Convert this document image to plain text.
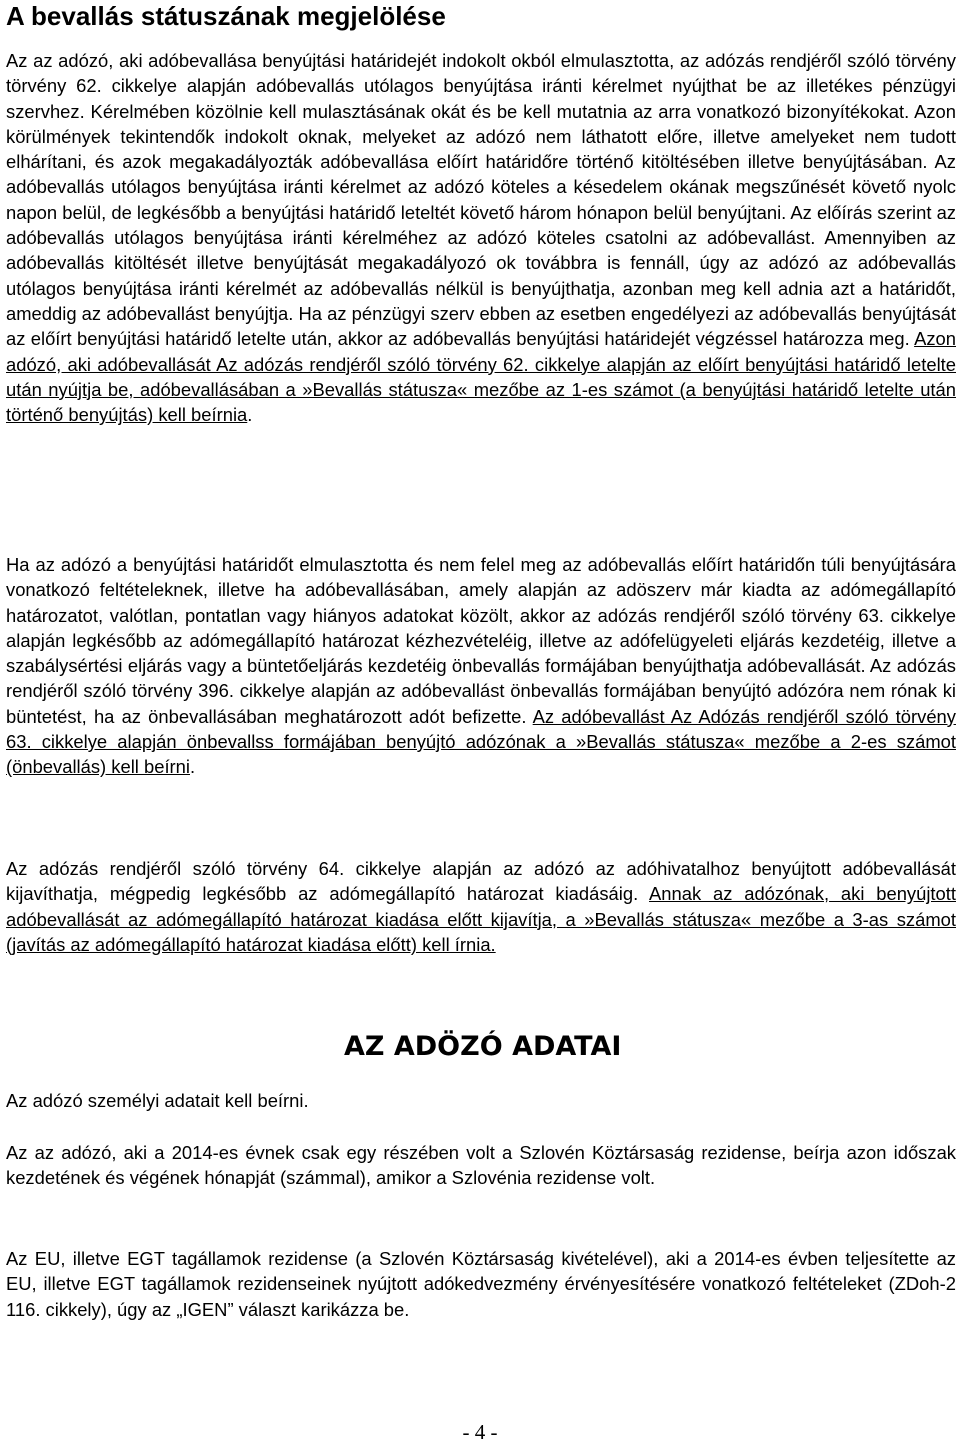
A bevallás státuszának megjelölése

Az az adózó, aki adóbevallása benyújtási határidejét indokolt okból elmulasztotta, az adózás rendjéről szóló törvény törvény 62. cikkelye alapján adóbevallás utólagos benyújtása iránti kérelmet nyújthat be az illetékes pénzügyi szervhez. Kérelmében közölnie kell mulasztásának okát és be kell mutatnia az arra vonatkozó bizonyítékokat. Azon körülmények tekintendők indokolt oknak, melyeket az adózó nem láthatott előre, illetve amelyeket nem tudott elhárítani, és azok megakadályozták adóbevallása előírt határidőre történő kitöltésében illetve benyújtásában. Az adóbevallás utólagos benyújtása iránti kérelmet az adózó köteles a késedelem okának megszűnését követő nyolc napon belül, de legkésőbb a benyújtási határidő leteltét követő három hónapon belül benyújtani. Az előírás szerint az adóbevallás utólagos benyújtása iránti kérelméhez az adózó köteles csatolni az adóbevallást. Amennyiben az adóbevallás kitöltését illetve benyújtását megakadályozó ok továbbra is fennáll, úgy az adózó az adóbevallás utólagos benyújtása iránti kérelmét az adóbevallás nélkül is benyújthatja, azonban meg kell adnia azt a határidőt, ameddig az adóbevallást benyújtja. Ha az pénzügyi szerv ebben az esetben engedélyezi az adóbevallás benyújtását az előírt benyújtási határidő letelte után, akkor az adóbevallás benyújtási határidejét végzéssel határozza meg. Azon adózó, aki adóbevallását Az adózás rendjéről szóló törvény 62. cikkelye alapján az előírt benyújtási határidő letelte után nyújtja be, adóbevallásában a »Bevallás státusza« mezőbe az 1-es számot (a benyújtási határidő letelte után történő benyújtás) kell beírnia.

Ha az adózó a benyújtási határidőt elmulasztotta és nem felel meg az adóbevallás előírt határidőn túli benyújtására vonatkozó feltételeknek, illetve ha adóbevallásában, amely alapján az adöszerv már kiadta az adómegállapító határozatot, valótlan, pontatlan vagy hiányos adatokat közölt, akkor az adózás rendjéről szóló törvény 63. cikkelye alapján legkésőbb az adómegállapító határozat kézhezvételéig, illetve az adófelügyeleti eljárás kezdetéig, illetve a szabálysértési eljárás vagy a büntetőeljárás kezdetéig önbevallás formájában benyújthatja adóbevallását. Az adózás rendjéről szóló törvény 396. cikkelye alapján az adóbevallást önbevallás formájában benyújtó adózóra nem rónak ki büntetést, ha az önbevallásában meghatározott adót befizette. Az adóbevallást Az Adózás rendjéről szóló törvény 63. cikkelye alapján önbevallss formájában benyújtó adózónak a »Bevallás státusza« mezőbe a 2-es számot (önbevallás) kell beírni.

Az adózás rendjéről szóló törvény 64. cikkelye alapján az adózó az adóhivatalhoz benyújtott adóbevallását kijavíthatja, mégpedig legkésőbb az adómegállapító határozat kiadásáig. Annak az adózónak, aki benyújtott adóbevallását az adómegállapító határozat kiadása előtt kijavítja, a »Bevallás státusza« mezőbe a 3-as számot (javítás az adómegállapító határozat kiadása előtt) kell írnia.

AZ ADÖZÓ ADATAI

Az adózó személyi adatait kell beírni.

Az az adózó, aki a 2014-es évnek csak egy részében volt a Szlovén Köztársaság rezidense, beírja azon időszak kezdetének és végének hónapját (számmal), amikor a Szlovénia rezidense volt.

Az EU, illetve EGT tagállamok rezidense (a Szlovén Köztársaság kivételével), aki a 2014-es évben teljesítette az EU, illetve EGT tagállamok rezidenseinek nyújtott adókedvezmény érvényesítésére vonatkozó feltételeket (ZDoh-2 116. cikkely), úgy az „IGEN” választ karikázza be.

- 4 -
